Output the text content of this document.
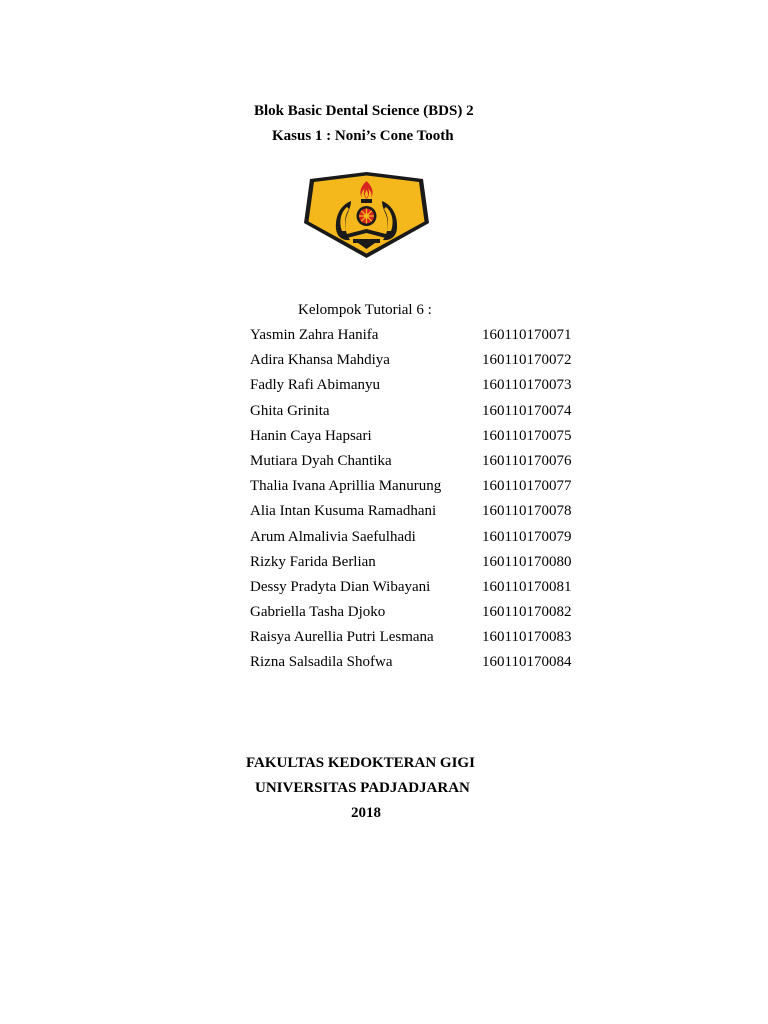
Blok Basic Dental Science (BDS) 2
Kasus 1 : Noni’s Cone Tooth
Kelompok Tutorial 6 :
Yasmin Zahra Hanifa	160110170071
Adira Khansa Mahdiya	160110170072
Fadly Rafi Abimanyu	160110170073
Ghita Grinita	160110170074
Hanin Caya Hapsari	160110170075
Mutiara Dyah Chantika	160110170076
Thalia Ivana Aprillia Manurung	160110170077
Alia Intan Kusuma Ramadhani	160110170078
Arum Almalivia Saefulhadi	160110170079
Rizky Farida Berlian	160110170080
Dessy Pradyta Dian Wibayani	160110170081
Gabriella Tasha Djoko	160110170082
Raisya Aurellia Putri Lesmana	160110170083
Rizna Salsadila Shofwa	160110170084
FAKULTAS KEDOKTERAN GIGI
UNIVERSITAS PADJADJARAN
2018
